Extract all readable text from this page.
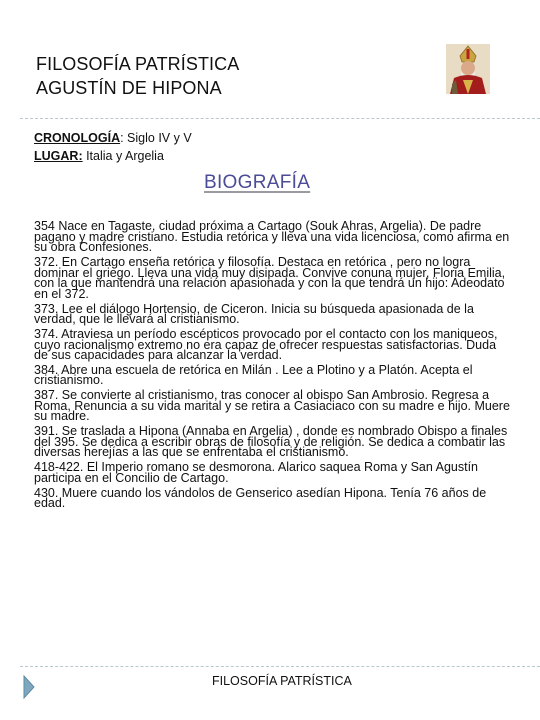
FILOSOFÍA PATRÍSTICA
AGUSTÍN DE HIPONA
CRONOLOGÍA: Siglo IV y V
LUGAR: Italia y Argelia
BIOGRAFÍA

354 Nace en Tagaste, ciudad próxima a Cartago (Souk Ahras, Argelia). De padre pagano y madre cristiano. Estudia retórica y lleva una vida licenciosa, como afirma en su obra Confesiones.

372. En Cartago enseña retórica y filosofía. Destaca en retórica , pero no logra dominar el griego. Lleva una vida muy disipada. Convive conuna mujer, Floria Emilia, con la que mantendrá una relación apasionada y con la que tendrá un hijo: Adeodato en el 372.

373. Lee el diálogo Hortensio, de Ciceron. Inicia su búsqueda apasionada de la verdad, que le llevará al cristianismo.

374. Atraviesa un período escépticos provocado por el contacto con los maniqueos, cuyo racionalismo extremo no era capaz de ofrecer respuestas satisfactorias. Duda de sus capacidades para alcanzar la verdad.

384. Abre una escuela de retórica en Milán . Lee a Plotino y a Platón. Acepta el cristianismo.

387. Se convierte al cristianismo, tras conocer al obispo San Ambrosio. Regresa a Roma, Renuncia a su vida marital y se retira a Casiaciaco con su madre e hijo. Muere su madre.

391. Se traslada a Hipona (Annaba en Argelia) , donde es nombrado Obispo a finales del 395. Se dedica a escribir obras de filosofía y de religión. Se dedica a combatir las diversas herejías a las que se enfrentaba el cristianismo.

418-422. El Imperio romano se desmorona. Alarico saquea Roma y San Agustín participa en el Concilio de Cartago.

430. Muere cuando los vándolos de Genserico asedían Hipona. Tenía 76 años de edad.

FILOSOFÍA PATRÍSTICA
